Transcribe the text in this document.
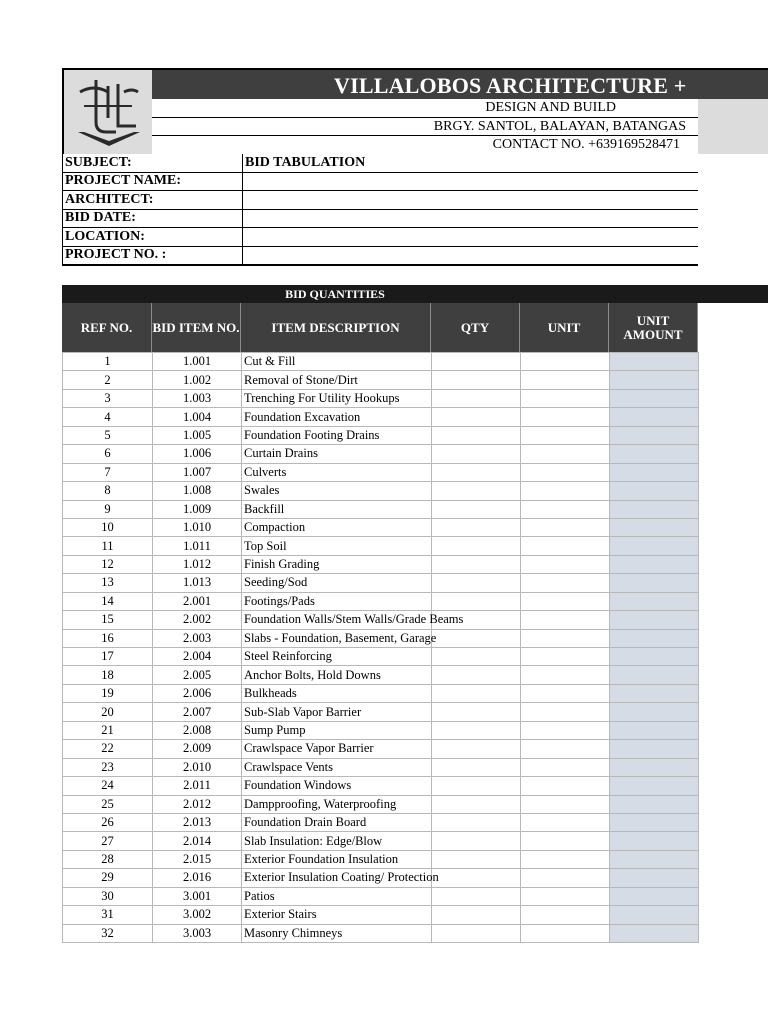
VILLALOBOS ARCHITECTURE +
DESIGN AND BUILD
BRGY. SANTOL, BALAYAN, BATANGAS
CONTACT NO. +639169528471
SUBJECT:	BID TABULATION
PROJECT NAME:	
ARCHITECT:	
BID DATE:	
LOCATION:	
PROJECT NO. :	
BID QUANTITIES
REF NO.	BID ITEM NO.	ITEM DESCRIPTION	QTY	UNIT	UNIT AMOUNT
1	1.001	Cut & Fill			
2	1.002	Removal of Stone/Dirt			
3	1.003	Trenching For Utility Hookups			
4	1.004	Foundation Excavation			
5	1.005	Foundation Footing Drains			
6	1.006	Curtain Drains			
7	1.007	Culverts			
8	1.008	Swales			
9	1.009	Backfill			
10	1.010	Compaction			
11	1.011	Top Soil			
12	1.012	Finish Grading			
13	1.013	Seeding/Sod			
14	2.001	Footings/Pads			
15	2.002	Foundation Walls/Stem Walls/Grade Beams			
16	2.003	Slabs - Foundation, Basement, Garage			
17	2.004	Steel Reinforcing			
18	2.005	Anchor Bolts, Hold Downs			
19	2.006	Bulkheads			
20	2.007	Sub-Slab Vapor Barrier			
21	2.008	Sump Pump			
22	2.009	Crawlspace Vapor Barrier			
23	2.010	Crawlspace Vents			
24	2.011	Foundation Windows			
25	2.012	Dampproofing, Waterproofing			
26	2.013	Foundation Drain Board			
27	2.014	Slab Insulation: Edge/Blow			
28	2.015	Exterior Foundation Insulation			
29	2.016	Exterior Insulation Coating/ Protection			
30	3.001	Patios			
31	3.002	Exterior Stairs			
32	3.003	Masonry Chimneys			
